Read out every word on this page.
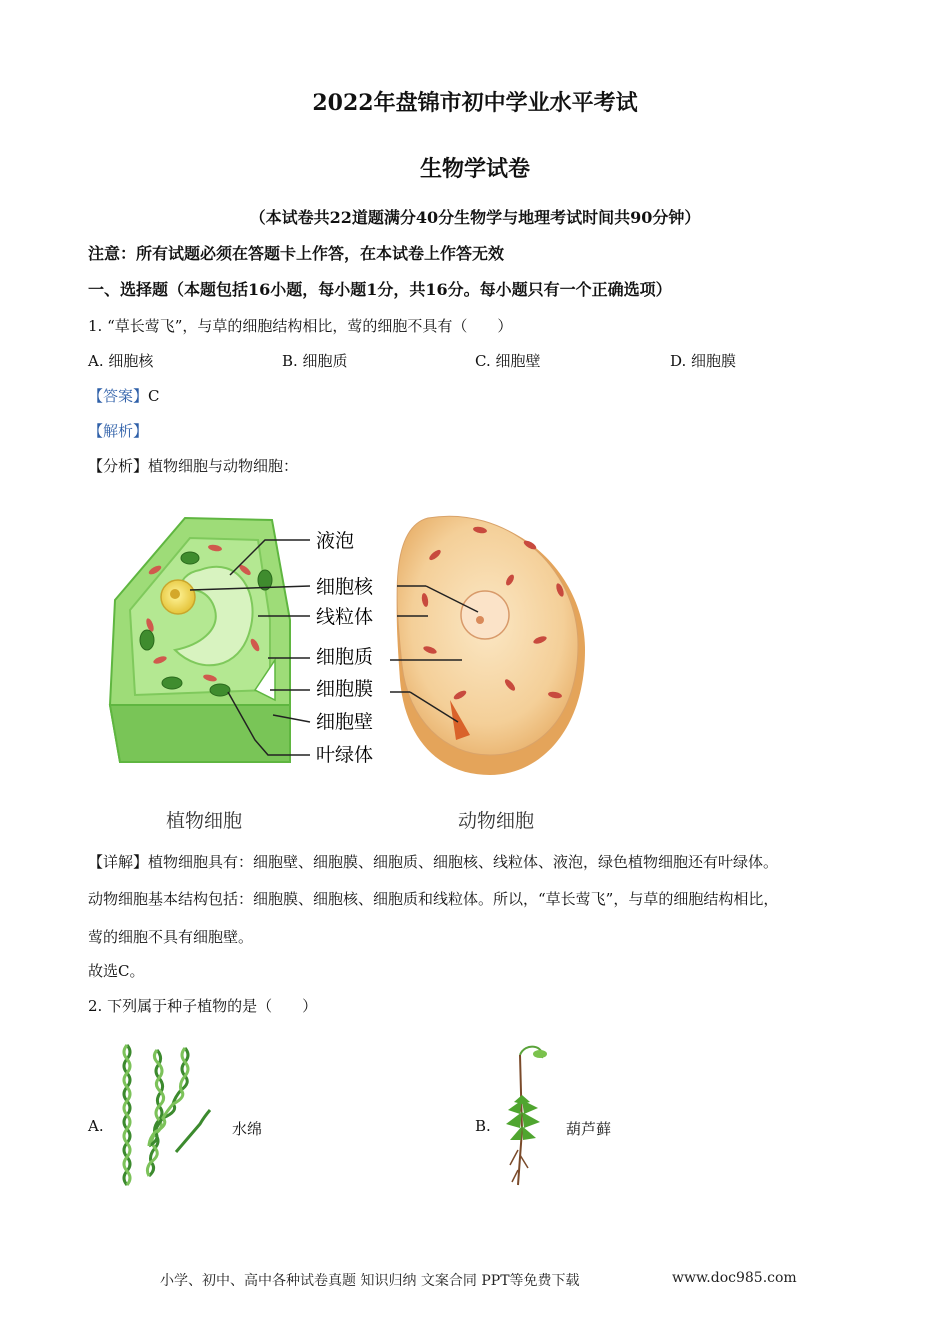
2022年盘锦市初中学业水平考试
生物学试卷
（本试卷共22道题满分40分生物学与地理考试时间共90分钟）
注意：所有试题必须在答题卡上作答，在本试卷上作答无效
一、选择题（本题包括16小题，每小题1分，共16分。每小题只有一个正确选项）
1. “草长莺飞”，与草的细胞结构相比，莺的细胞不具有（　　）
A. 细胞核	B. 细胞质	C. 细胞壁	D. 细胞膜
【答案】C
【解析】
【分析】植物细胞与动物细胞：
液泡
细胞核
线粒体
细胞质
细胞膜
细胞壁
叶绿体
植物细胞	动物细胞
【详解】植物细胞具有：细胞壁、细胞膜、细胞质、细胞核、线粒体、液泡，绿色植物细胞还有叶绿体。
动物细胞基本结构包括：细胞膜、细胞核、细胞质和线粒体。所以，“草长莺飞”，与草的细胞结构相比，
莺的细胞不具有细胞壁。
故选C。
2. 下列属于种子植物的是（　　）
A.	水绵	B.	葫芦藓
小学、初中、高中各种试卷真题 知识归纳 文案合同 PPT等免费下载	www.doc985.com
